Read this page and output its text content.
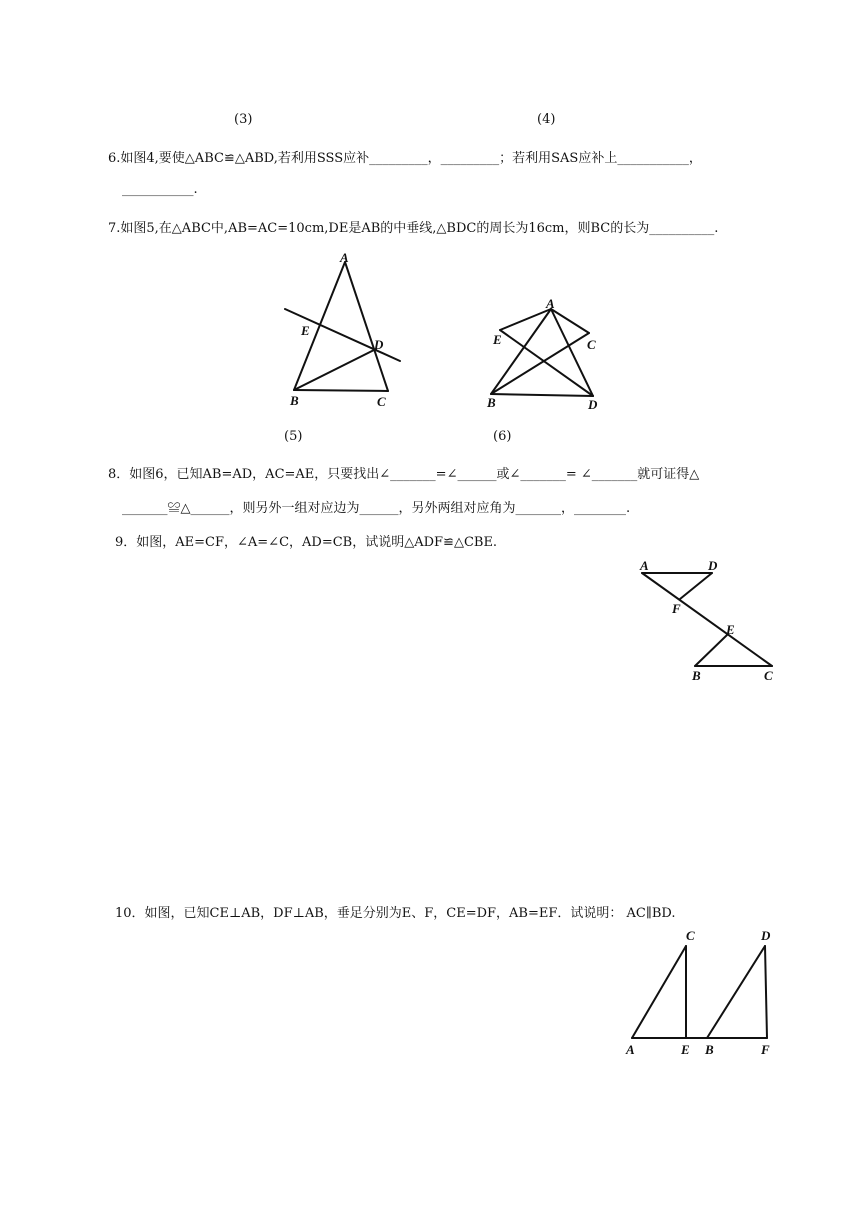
(3)	(4)
6.如图4,要使△ABC≌△ABD,若利用SSS应补_________，_________；若利用SAS应补上___________，
___________.
7.如图5,在△ABC中,AB=AC=10cm,DE是AB的中垂线,△BDC的周长为16cm，则BC的长为__________.
A
E
D
B	C
A
E	C
B	D
(5)	(6)
8．如图6，已知AB=AD，AC=AE，只要找出∠_______=∠______或∠_______= ∠_______就可证得△
_______≌△______，则另外一组对应边为______，另外两组对应角为_______，________.
9．如图，AE=CF，∠A=∠C，AD=CB，试说明△ADF≌△CBE.
A	D
F
E
B	C
10．如图，已知CE⊥AB，DF⊥AB，垂足分别为E、F，CE=DF，AB=EF．试说明： AC∥BD.
C	D
A	E B	F
